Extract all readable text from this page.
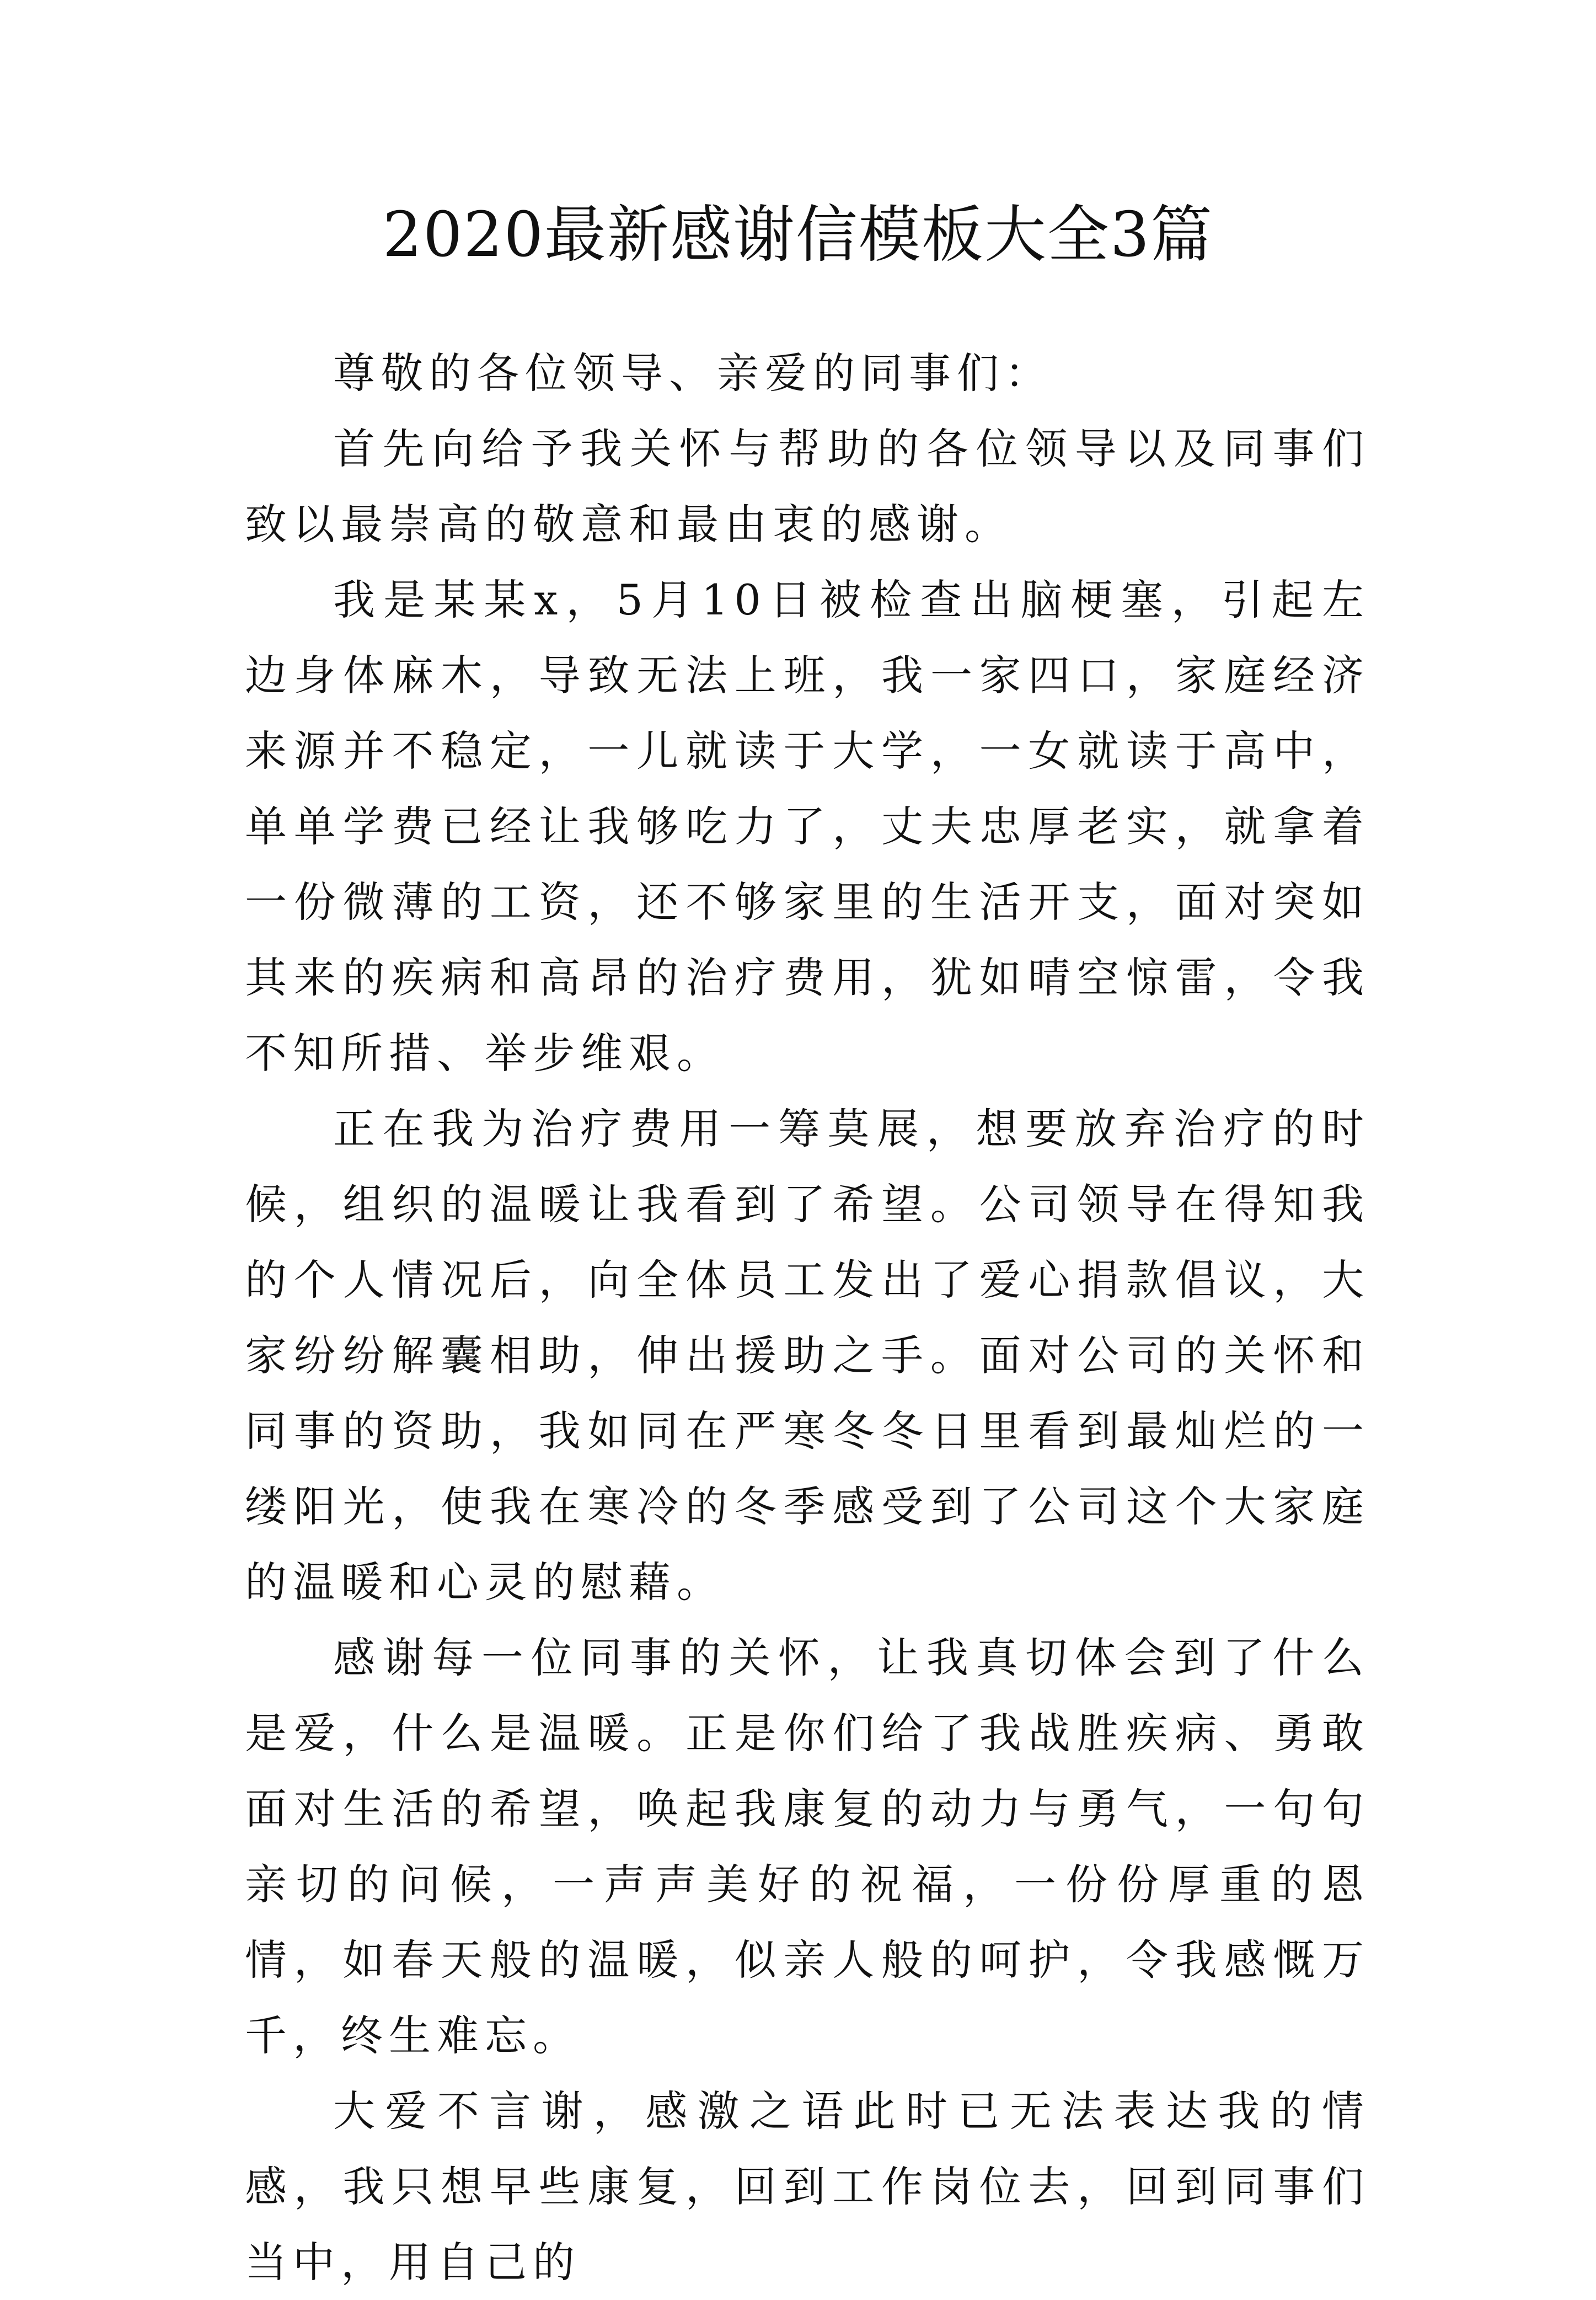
2020最新感谢信模板大全3篇

尊敬的各位领导、亲爱的同事们：

首先向给予我关怀与帮助的各位领导以及同事们致以最崇高的敬意和最由衷的感谢。

我是某某x，5月10日被检查出脑梗塞，引起左边身体麻木，导致无法上班，我一家四口，家庭经济来源并不稳定，一儿就读于大学，一女就读于高中，单单学费已经让我够吃力了，丈夫忠厚老实，就拿着一份微薄的工资，还不够家里的生活开支，面对突如其来的疾病和高昂的治疗费用，犹如晴空惊雷，令我不知所措、举步维艰。

正在我为治疗费用一筹莫展，想要放弃治疗的时候，组织的温暖让我看到了希望。公司领导在得知我的个人情况后，向全体员工发出了爱心捐款倡议，大家纷纷解囊相助，伸出援助之手。面对公司的关怀和同事的资助，我如同在严寒冬冬日里看到最灿烂的一缕阳光，使我在寒冷的冬季感受到了公司这个大家庭的温暖和心灵的慰藉。

感谢每一位同事的关怀，让我真切体会到了什么是爱，什么是温暖。正是你们给了我战胜疾病、勇敢面对生活的希望，唤起我康复的动力与勇气，一句句亲切的问候，一声声美好的祝福，一份份厚重的恩情，如春天般的温暖，似亲人般的呵护，令我感慨万千，终生难忘。

大爱不言谢，感激之语此时已无法表达我的情感，我只想早些康复，回到工作岗位去，回到同事们当中，用自己的
